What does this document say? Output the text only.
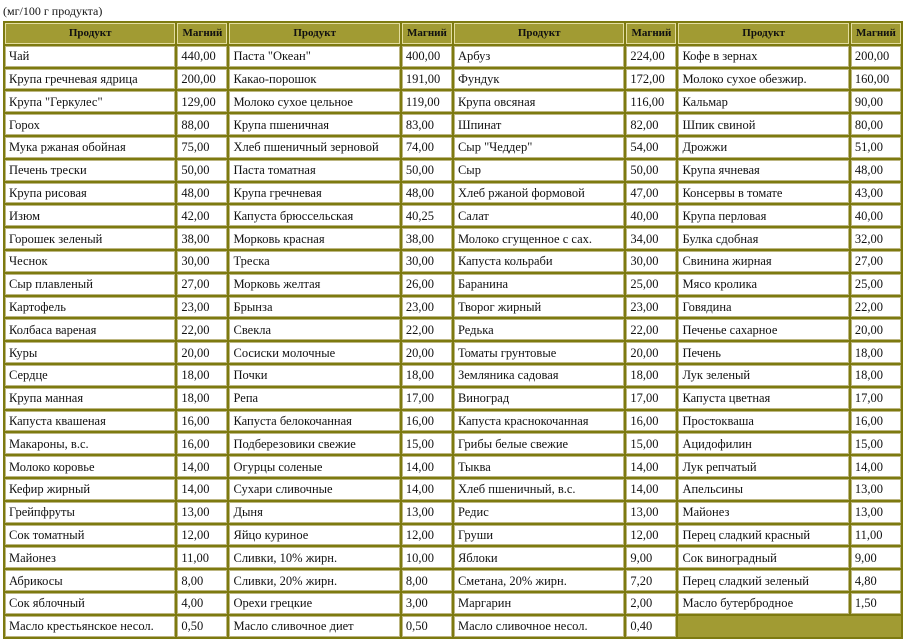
(мг/100 г продукта)
Продукт	Магний	Продукт	Магний	Продукт	Магний	Продукт	Магний
Чай	440,00	Паста "Океан"	400,00	Арбуз	224,00	Кофе в зернах	200,00
Крупа гречневая ядрица	200,00	Какао-порошок	191,00	Фундук	172,00	Молоко сухое обезжир.	160,00
Крупа "Геркулес"	129,00	Молоко сухое цельное	119,00	Крупа овсяная	116,00	Кальмар	90,00
Горох	88,00	Крупа пшеничная	83,00	Шпинат	82,00	Шпик свиной	80,00
Мука ржаная обойная	75,00	Хлеб пшеничный зерновой	74,00	Сыр "Чеддер"	54,00	Дрожжи	51,00
Печень трески	50,00	Паста томатная	50,00	Сыр	50,00	Крупа ячневая	48,00
Крупа рисовая	48,00	Крупа гречневая	48,00	Хлеб ржаной формовой	47,00	Консервы в томате	43,00
Изюм	42,00	Капуста брюссельская	40,25	Салат	40,00	Крупа перловая	40,00
Горошек зеленый	38,00	Морковь красная	38,00	Молоко сгущенное с сах.	34,00	Булка сдобная	32,00
Чеснок	30,00	Треска	30,00	Капуста кольраби	30,00	Свинина жирная	27,00
Сыр плавленый	27,00	Морковь желтая	26,00	Баранина	25,00	Мясо кролика	25,00
Картофель	23,00	Брынза	23,00	Творог жирный	23,00	Говядина	22,00
Колбаса вареная	22,00	Свекла	22,00	Редька	22,00	Печенье сахарное	20,00
Куры	20,00	Сосиски молочные	20,00	Томаты грунтовые	20,00	Печень	18,00
Сердце	18,00	Почки	18,00	Земляника садовая	18,00	Лук зеленый	18,00
Крупа манная	18,00	Репа	17,00	Виноград	17,00	Капуста цветная	17,00
Капуста квашеная	16,00	Капуста белокочанная	16,00	Капуста краснокочанная	16,00	Простокваша	16,00
Макароны, в.с.	16,00	Подберезовики свежие	15,00	Грибы белые свежие	15,00	Ацидофилин	15,00
Молоко коровье	14,00	Огурцы соленые	14,00	Тыква	14,00	Лук репчатый	14,00
Кефир жирный	14,00	Сухари сливочные	14,00	Хлеб пшеничный, в.с.	14,00	Апельсины	13,00
Грейпфруты	13,00	Дыня	13,00	Редис	13,00	Майонез	13,00
Сок томатный	12,00	Яйцо куриное	12,00	Груши	12,00	Перец сладкий красный	11,00
Майонез	11,00	Сливки, 10% жирн.	10,00	Яблоки	9,00	Сок виноградный	9,00
Абрикосы	8,00	Сливки, 20% жирн.	8,00	Сметана, 20% жирн.	7,20	Перец сладкий зеленый	4,80
Сок яблочный	4,00	Орехи грецкие	3,00	Маргарин	2,00	Масло бутербродное	1,50
Масло крестьянское несол.	0,50	Масло сливочное диет	0,50	Масло сливочное несол.	0,40		
